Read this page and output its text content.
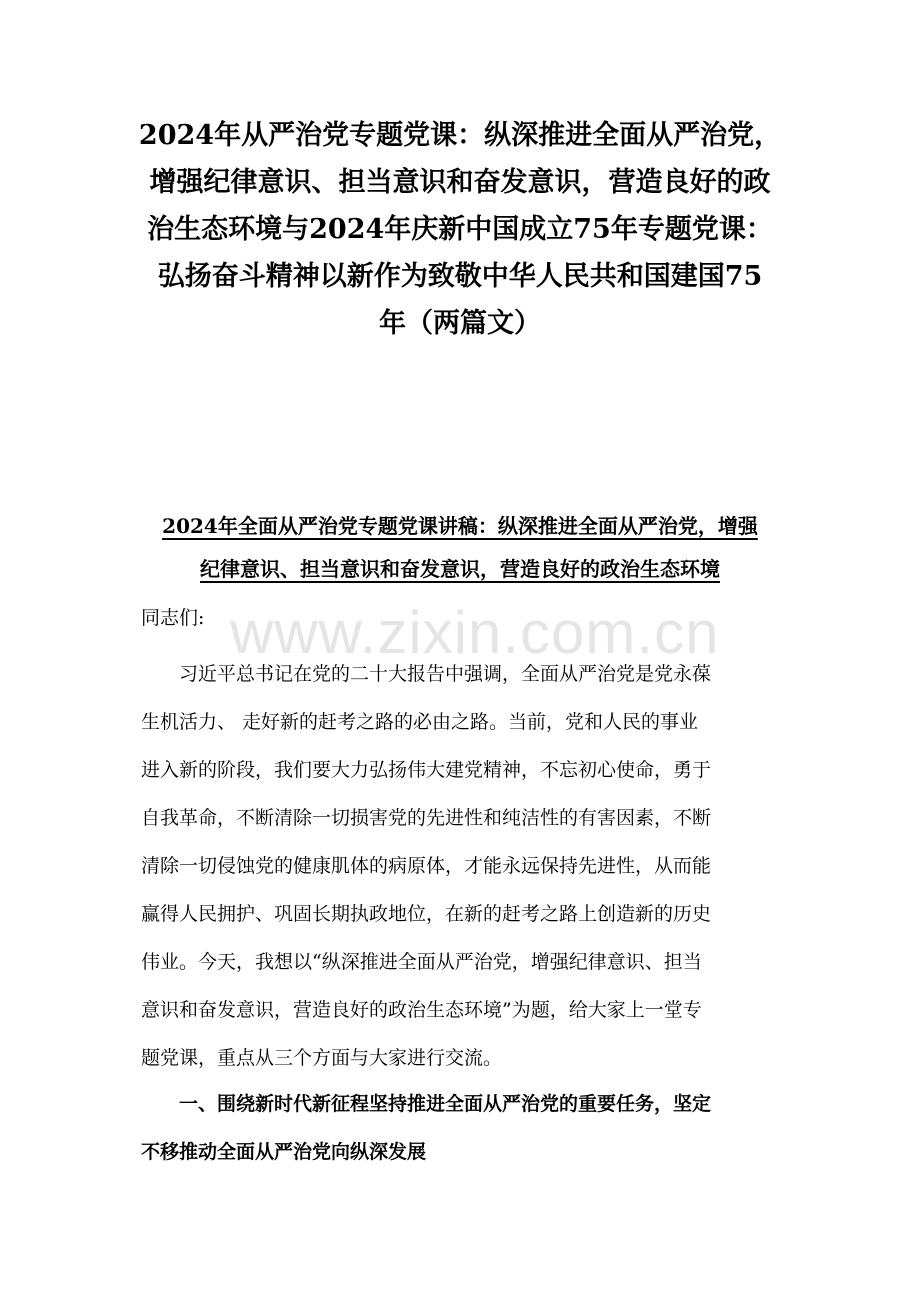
2024年从严治党专题党课：纵深推进全面从严治党，
增强纪律意识、担当意识和奋发意识，营造良好的政
治生态环境与2024年庆新中国成立75年专题党课：
弘扬奋斗精神以新作为致敬中华人民共和国建国75
年（两篇文）
2024年全面从严治党专题党课讲稿：纵深推进全面从严治党，增强
纪律意识、担当意识和奋发意识，营造良好的政治生态环境

同志们: www.zixin.com.cn

　　习近平总书记在党的二十大报告中强调，全面从严治党是党永葆
生机活力、 走好新的赶考之路的必由之路。当前，党和人民的事业
进入新的阶段，我们要大力弘扬伟大建党精神，不忘初心使命，勇于
自我革命，不断清除一切损害党的先进性和纯洁性的有害因素，不断
清除一切侵蚀党的健康肌体的病原体，才能永远保持先进性，从而能
赢得人民拥护、巩固长期执政地位，在新的赶考之路上创造新的历史
伟业。今天，我想以“纵深推进全面从严治党，增强纪律意识、担当
意识和奋发意识，营造良好的政治生态环境”为题，给大家上一堂专
题党课，重点从三个方面与大家进行交流。

　　一、围绕新时代新征程坚持推进全面从严治党的重要任务，坚定
不移推动全面从严治党向纵深发展
